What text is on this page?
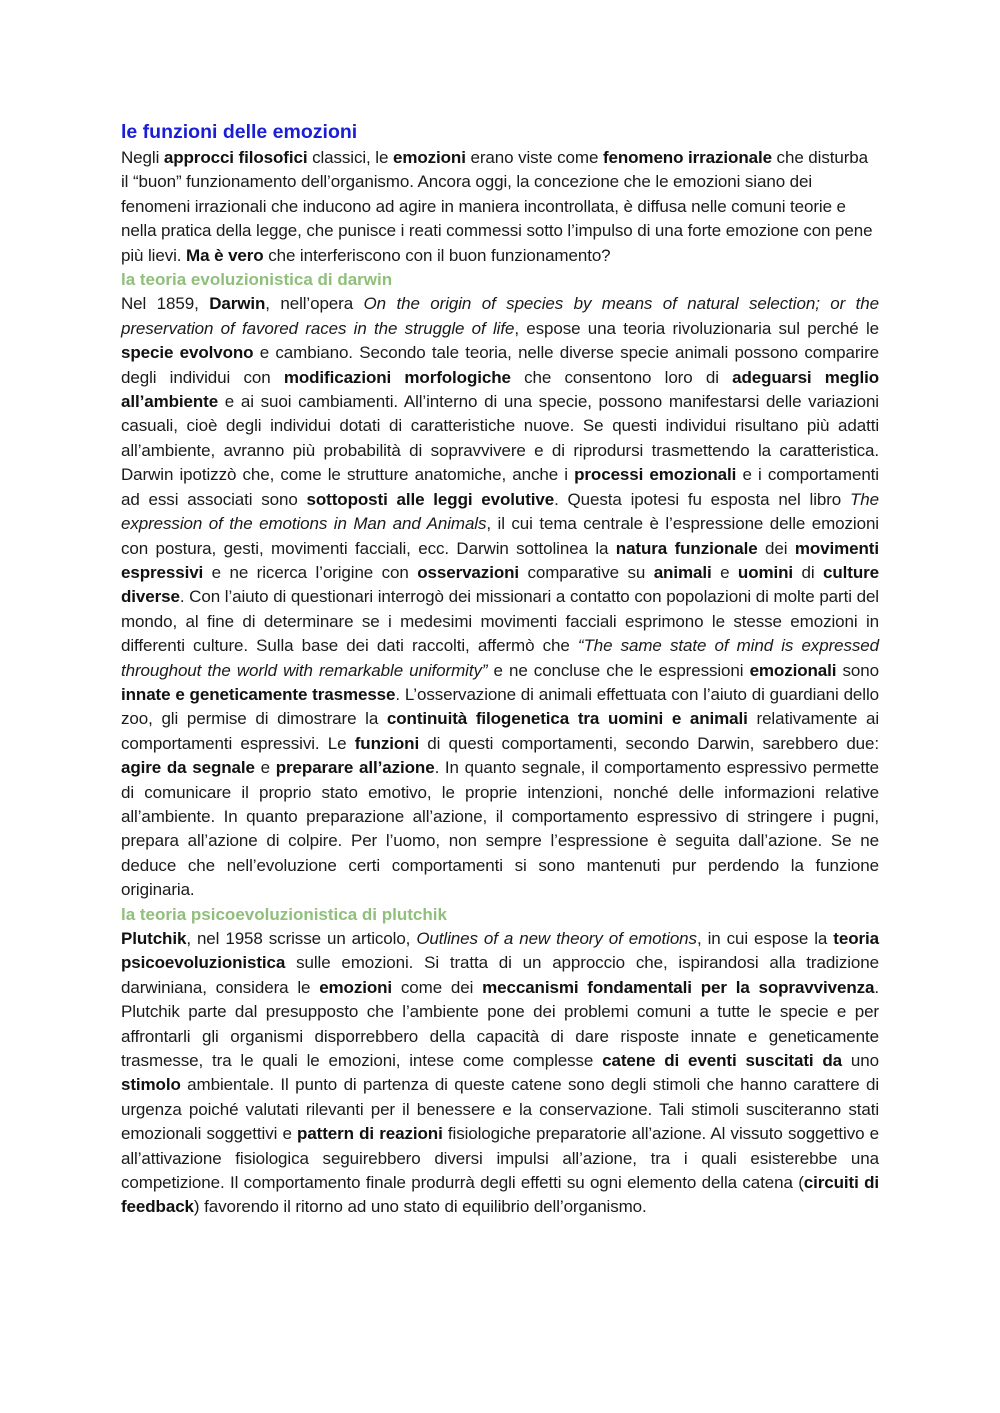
le funzioni delle emozioni

Negli approcci filosofici classici, le emozioni erano viste come fenomeno irrazionale che disturba il “buon” funzionamento dell’organismo. Ancora oggi, la concezione che le emozioni siano dei fenomeni irrazionali che inducono ad agire in maniera incontrollata, è diffusa nelle comuni teorie e nella pratica della legge, che punisce i reati commessi sotto l’impulso di una forte emozione con pene più lievi. Ma è vero che interferiscono con il buon funzionamento?

la teoria evoluzionistica di darwin

Nel 1859, Darwin, nell’opera On the origin of species by means of natural selection; or the preservation of favored races in the struggle of life, espose una teoria rivoluzionaria sul perché le specie evolvono e cambiano. Secondo tale teoria, nelle diverse specie animali possono comparire degli individui con modificazioni morfologiche che consentono loro di adeguarsi meglio all’ambiente e ai suoi cambiamenti. All’interno di una specie, possono manifestarsi delle variazioni casuali, cioè degli individui dotati di caratteristiche nuove. Se questi individui risultano più adatti all’ambiente, avranno più probabilità di sopravvivere e di riprodursi trasmettendo la caratteristica. Darwin ipotizzò che, come le strutture anatomiche, anche i processi emozionali e i comportamenti ad essi associati sono sottoposti alle leggi evolutive. Questa ipotesi fu esposta nel libro The expression of the emotions in Man and Animals, il cui tema centrale è l’espressione delle emozioni con postura, gesti, movimenti facciali, ecc. Darwin sottolinea la natura funzionale dei movimenti espressivi e ne ricerca l’origine con osservazioni comparative su animali e uomini di culture diverse. Con l’aiuto di questionari interrogò dei missionari a contatto con popolazioni di molte parti del mondo, al fine di determinare se i medesimi movimenti facciali esprimono le stesse emozioni in differenti culture. Sulla base dei dati raccolti, affermò che “The same state of mind is expressed throughout the world with remarkable uniformity” e ne concluse che le espressioni emozionali sono innate e geneticamente trasmesse. L’osservazione di animali effettuata con l’aiuto di guardiani dello zoo, gli permise di dimostrare la continuità filogenetica tra uomini e animali relativamente ai comportamenti espressivi. Le funzioni di questi comportamenti, secondo Darwin, sarebbero due: agire da segnale e preparare all’azione. In quanto segnale, il comportamento espressivo permette di comunicare il proprio stato emotivo, le proprie intenzioni, nonché delle informazioni relative all’ambiente. In quanto preparazione all’azione, il comportamento espressivo di stringere i pugni, prepara all’azione di colpire. Per l’uomo, non sempre l’espressione è seguita dall’azione. Se ne deduce che nell’evoluzione certi comportamenti si sono mantenuti pur perdendo la funzione originaria.

la teoria psicoevoluzionistica di plutchik

Plutchik, nel 1958 scrisse un articolo, Outlines of a new theory of emotions, in cui espose la teoria psicoevoluzionistica sulle emozioni. Si tratta di un approccio che, ispirandosi alla tradizione darwiniana, considera le emozioni come dei meccanismi fondamentali per la sopravvivenza. Plutchik parte dal presupposto che l’ambiente pone dei problemi comuni a tutte le specie e per affrontarli gli organismi disporrebbero della capacità di dare risposte innate e geneticamente trasmesse, tra le quali le emozioni, intese come complesse catene di eventi suscitati da uno stimolo ambientale. Il punto di partenza di queste catene sono degli stimoli che hanno carattere di urgenza poiché valutati rilevanti per il benessere e la conservazione. Tali stimoli susciteranno stati emozionali soggettivi e pattern di reazioni fisiologiche preparatorie all’azione. Al vissuto soggettivo e all’attivazione fisiologica seguirebbero diversi impulsi all’azione, tra i quali esisterebbe una competizione. Il comportamento finale produrrà degli effetti su ogni elemento della catena (circuiti di feedback) favorendo il ritorno ad uno stato di equilibrio dell’organismo.
